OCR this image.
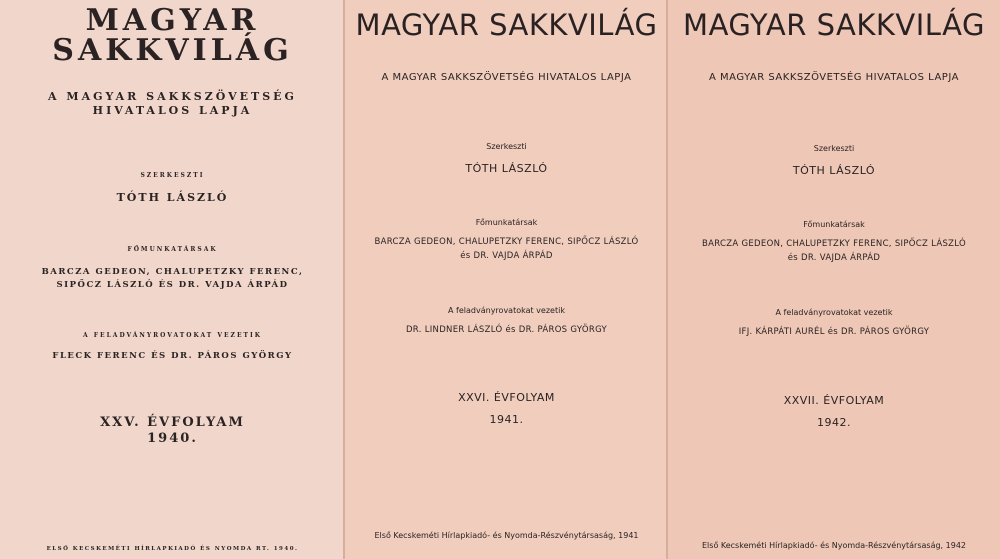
MAGYAR
SAKKVILÁG
A MAGYAR SAKKSZÖVETSÉG
HIVATALOS LAPJA
SZERKESZTI
TÓTH LÁSZLÓ
FŐMUNKATÁRSAK
BARCZA GEDEON, CHALUPETZKY FERENC,
SIPŐCZ LÁSZLÓ ÉS DR. VAJDA ÁRPÁD
A FELADVÁNYROVATOKAT VEZETIK
FLECK FERENC ÉS DR. PÁROS GYÖRGY
XXV. ÉVFOLYAM
1940.
ELSŐ KECSKEMÉTI HÍRLAPKIADÓ ÉS NYOMDA RT. 1940.
MAGYAR SAKKVILÁG
A MAGYAR SAKKSZÖVETSÉG HIVATALOS LAPJA
Szerkeszti
TÓTH LÁSZLÓ
Főmunkatársak
BARCZA GEDEON, CHALUPETZKY FERENC, SIPŐCZ LÁSZLÓ
és DR. VAJDA ÁRPÁD
A feladványrovatokat vezetik
DR. LINDNER LÁSZLÓ és DR. PÁROS GYÖRGY
XXVI. ÉVFOLYAM
1941.
Első Kecskeméti Hírlapkiadó- és Nyomda-Részvénytársaság, 1941
MAGYAR SAKKVILÁG
A MAGYAR SAKKSZÖVETSÉG HIVATALOS LAPJA
Szerkeszti
TÓTH LÁSZLÓ
Főmunkatársak
BARCZA GEDEON, CHALUPETZKY FERENC, SIPŐCZ LÁSZLÓ
és DR. VAJDA ÁRPÁD
A feladványrovatokat vezetik
IFJ. KÁRPÁTI AURÉL és DR. PÁROS GYÖRGY
XXVII. ÉVFOLYAM
1942.
Első Kecskeméti Hírlapkiadó- és Nyomda-Részvénytársaság, 1942
